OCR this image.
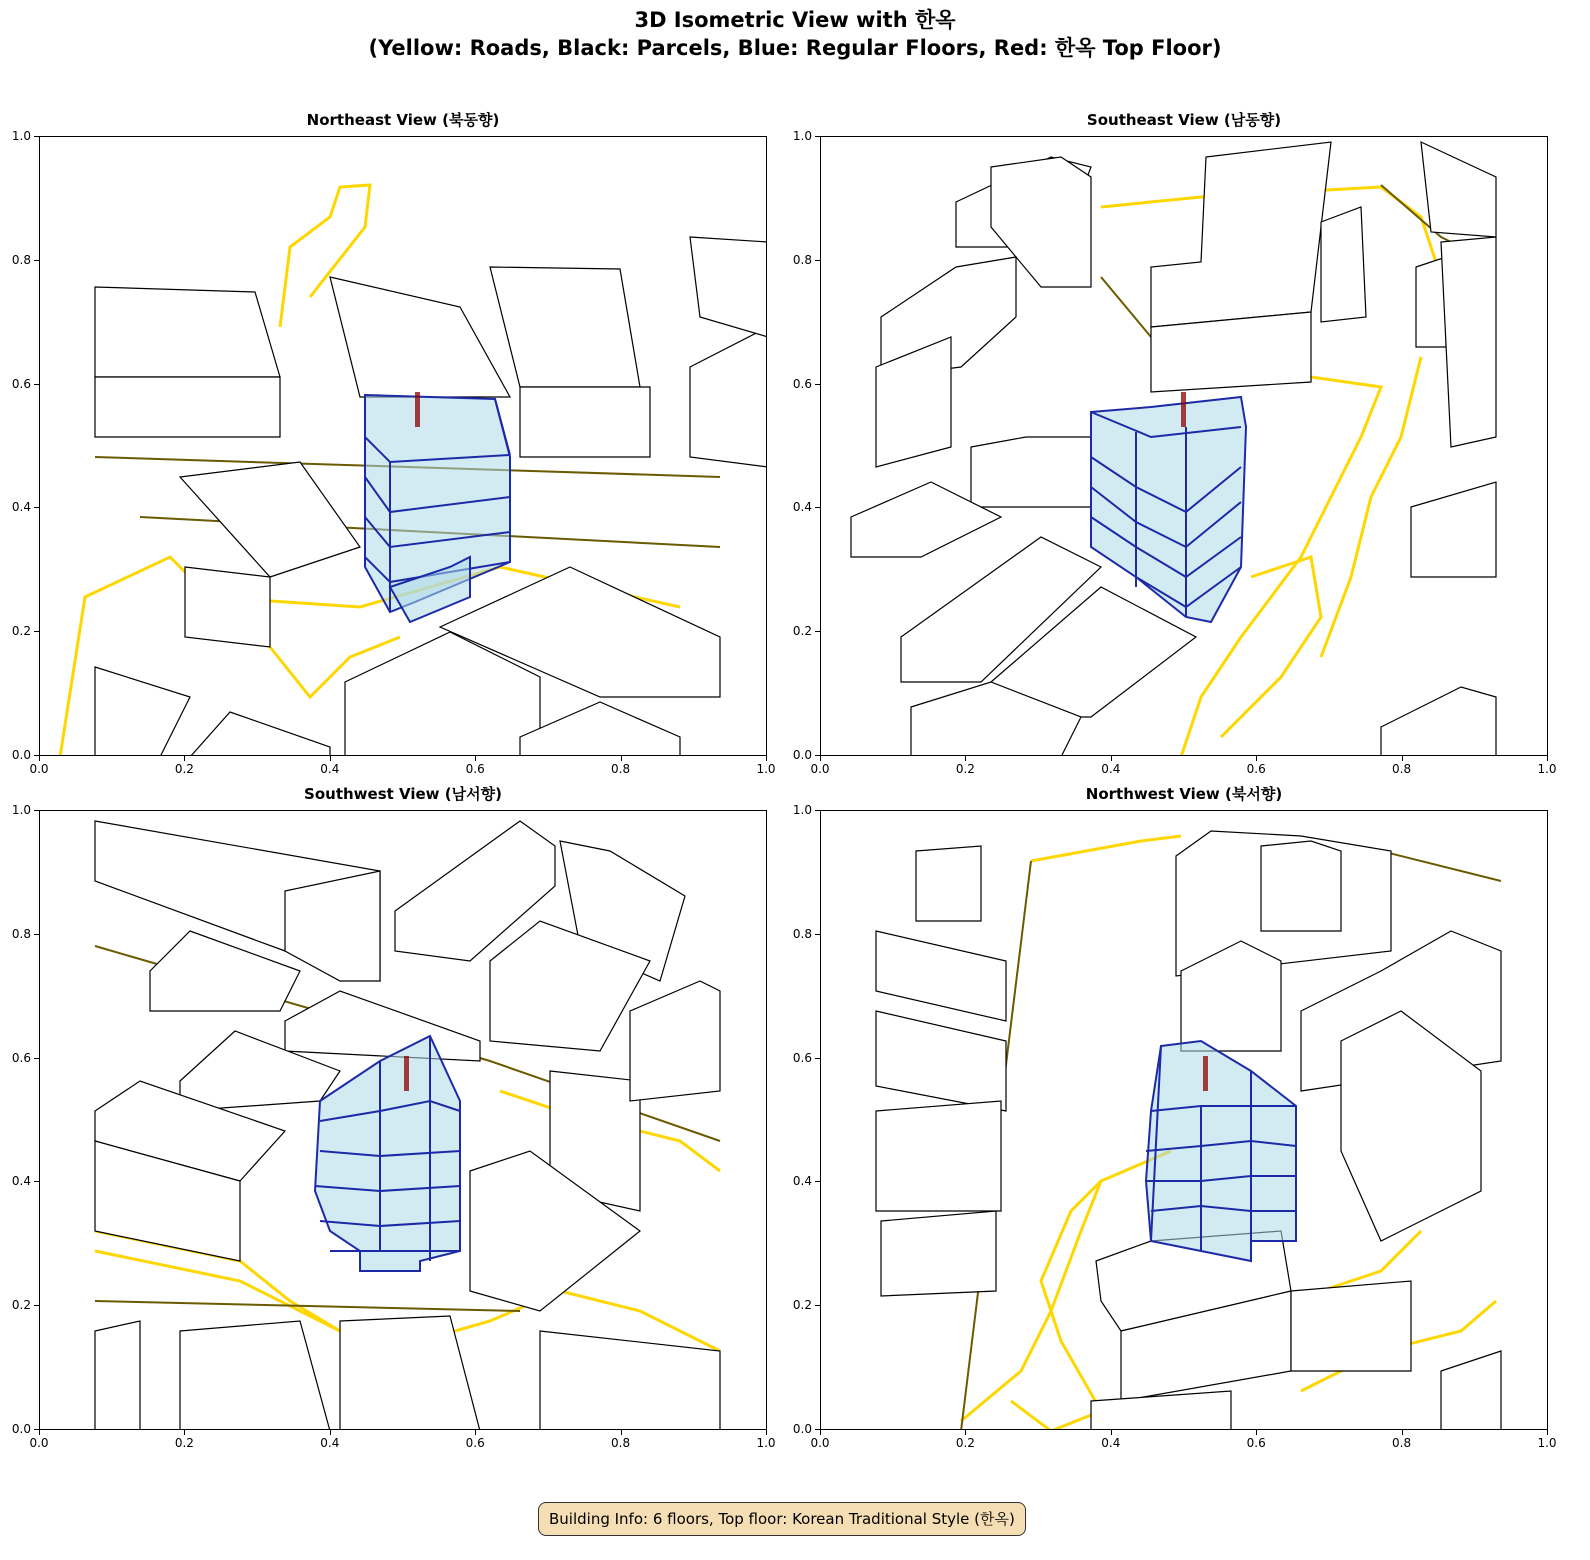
3D Isometric View with 한옥
(Yellow: Roads, Black: Parcels, Blue: Regular Floors, Red: 한옥 Top Floor)
Northeast View (북동향)	Southeast View (남동향)
Southwest View (남서향)	Northwest View (북서향)
0.0
0.0
0.2
0.2
0.4
0.4
0.6
0.6
0.8
0.8
1.0
1.0
0.0
0.0
0.2
0.2
0.4
0.4
0.6
0.6
0.8
0.8
1.0
1.0
0.0
0.0
0.2
0.2
0.4
0.4
0.6
0.6
0.8
0.8
1.0
1.0
0.0
0.0
0.2
0.2
0.4
0.4
0.6
0.6
0.8
0.8
1.0
1.0
Building Info: 6 floors, Top floor: Korean Traditional Style (한옥)
